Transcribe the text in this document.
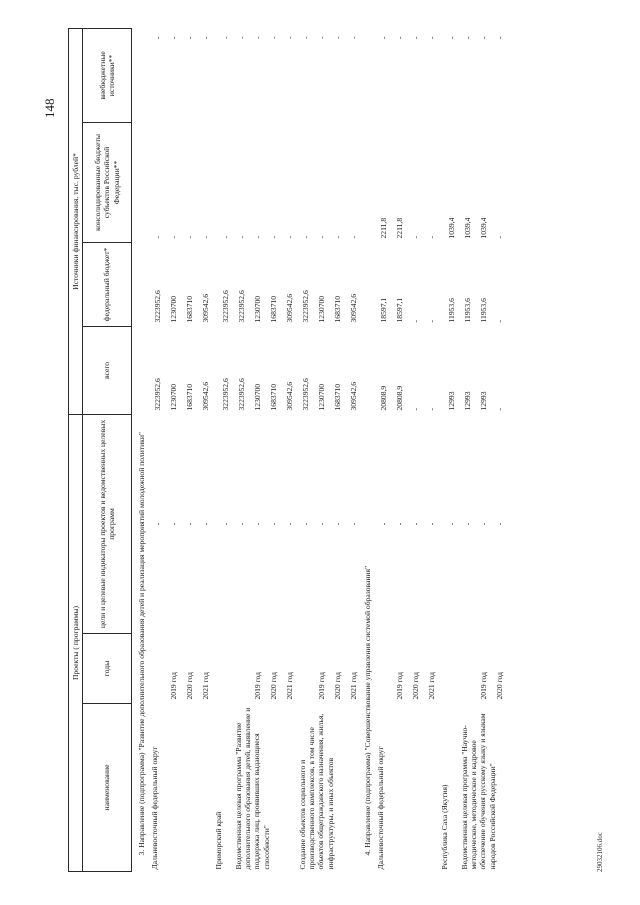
148
Проекты ( программы)			Источники финансирования, тыс. рублей*			
наименование	годы	цели и целевые индикаторы проектов и ведомственных целевых программ	всего	федеральный бюджет*	консолидированные бюджеты субъектов Российской Федерации**	внебюджетные источники**
3. Направление (подпрограмма) "Развитие дополнительного образования детей и реализация мероприятий молодежной политики"						
Дальневосточный федеральный округ		-	3223952,6	3223952,6	-	-
	2019 год	-	1230700	1230700	-	-
	2020 год	-	1683710	1683710	-	-
	2021 год	-	309542,6	309542,6	-	-
Приморский край		-	3223952,6	3223952,6	-	-
Ведомственная целевая программа "Развитие дополнительного образования детей, выявление и поддержка лиц, проявивших выдающиеся способности"		-	3223952,6	3223952,6	-	-
	2019 год	-	1230700	1230700	-	-
	2020 год	-	1683710	1683710	-	-
	2021 год	-	309542,6	309542,6	-	-
Создание объектов социального и производственного комплексов, в том числе объектов общегражданского назначения, жилья, инфраструктуры, и иных объектов		-	3223952,6	3223952,6	-	-
	2019 год	-	1230700	1230700	-	-
	2020 год	-	1683710	1683710	-	-
	2021 год	-	309542,6	309542,6	-	-
4. Направление (подпрограмма) "Совершенствование управления системой образования"						
Дальневосточный федеральный округ		-	20808,9	18597,1	2211,8	-
	2019 год	-	20808,9	18597,1	2211,8	-
	2020 год	-	-	-	-	-
	2021 год	-	-	-	-	-
Республика Саха (Якутия)		-	12993	11953,6	1039,4	-
Ведомственная целевая программа "Научно-методическое, методическое и кадровое обеспечение обучения русскому языку и языкам народов Российской Федерации"		-	12993	11953,6	1039,4	-
	2019 год	-	12993	11953,6	1039,4	-
	2020 год	-	-	-	-	-
29032106.doc
